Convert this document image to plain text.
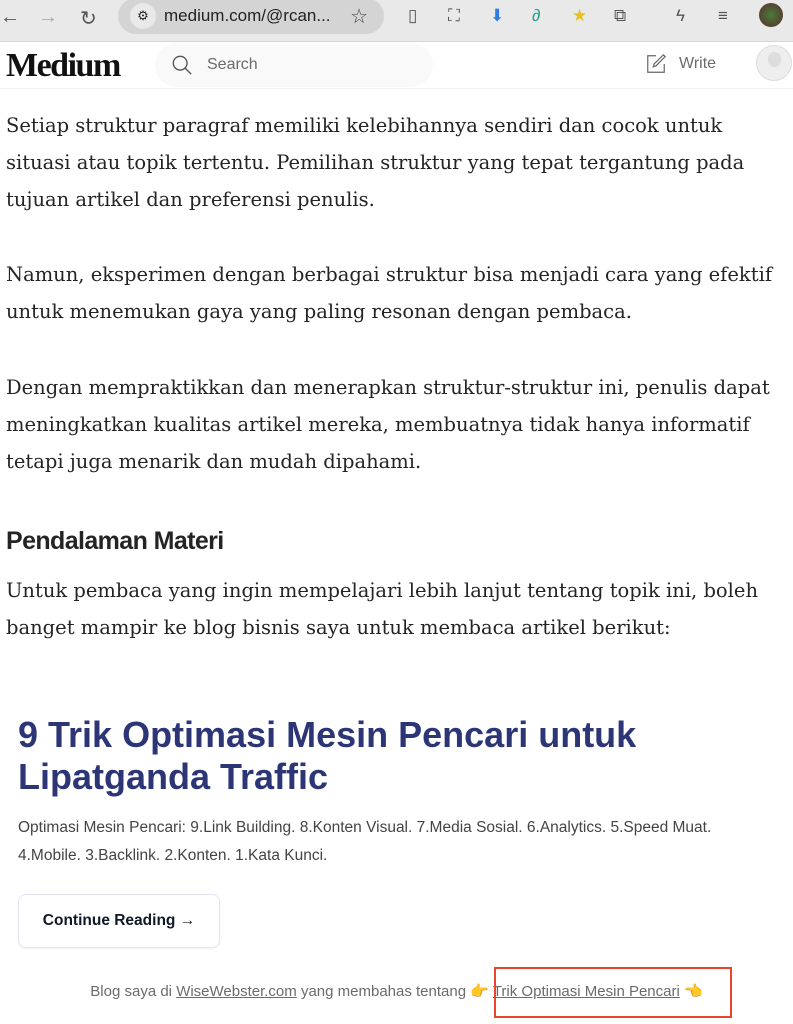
← → ↻	⚙ medium.com/@rcan... ☆ ▯ ⛶ ⬇ ∂ ★ ⧉	ϟ ≡
Medium	Search	Write

Setiap struktur paragraf memiliki kelebihannya sendiri dan cocok untuk situasi atau topik tertentu. Pemilihan struktur yang tepat tergantung pada tujuan artikel dan preferensi penulis.

Namun, eksperimen dengan berbagai struktur bisa menjadi cara yang efektif untuk menemukan gaya yang paling resonan dengan pembaca.

Dengan mempraktikkan dan menerapkan struktur-struktur ini, penulis dapat meningkatkan kualitas artikel mereka, membuatnya tidak hanya informatif tetapi juga menarik dan mudah dipahami.

Pendalaman Materi

Untuk pembaca yang ingin mempelajari lebih lanjut tentang topik ini, boleh banget mampir ke blog bisnis saya untuk membaca artikel berikut:

9 Trik Optimasi Mesin Pencari untuk Lipatganda Traffic
Optimasi Mesin Pencari: 9.Link Building. 8.Konten Visual. 7.Media Sosial. 6.Analytics. 5.Speed Muat. 4.Mobile. 3.Backlink. 2.Konten. 1.Kata Kunci.
Continue Reading →
Blog saya di WiseWebster.com yang membahas tentang 👉 Trik Optimasi Mesin Pencari 👈
